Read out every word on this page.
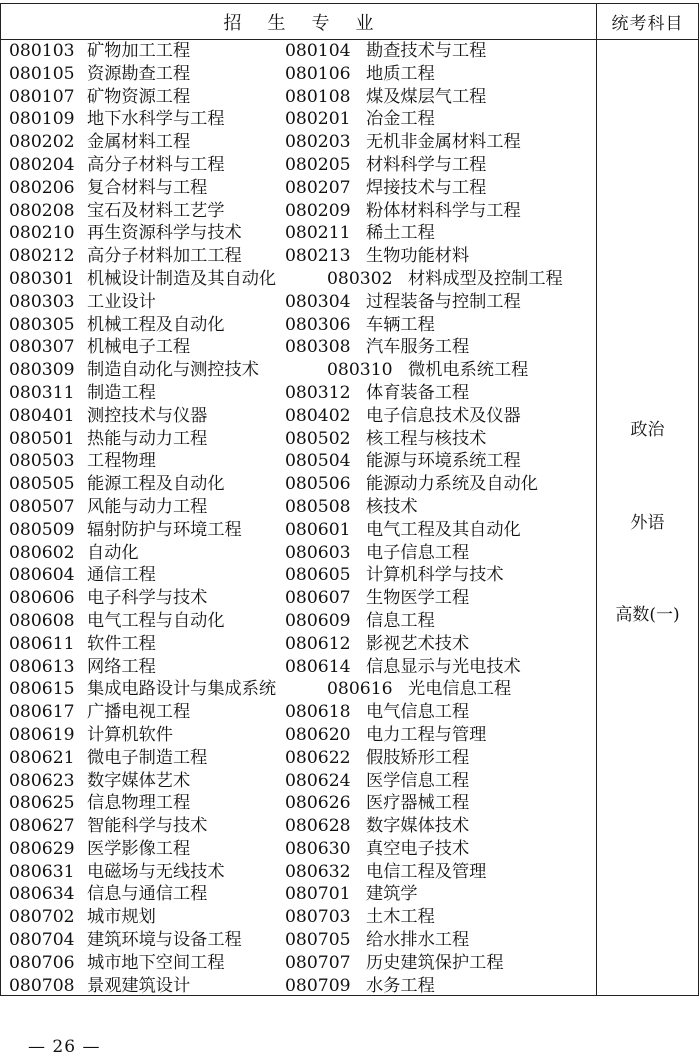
招生专业	统考科目
080103 矿物加工工程	080104 勘查技术与工程
080105 资源勘查工程	080106 地质工程
080107 矿物资源工程	080108 煤及煤层气工程
080109 地下水科学与工程	080201 冶金工程
080202 金属材料工程	080203 无机非金属材料工程
080204 高分子材料与工程	080205 材料科学与工程
080206 复合材料与工程	080207 焊接技术与工程
080208 宝石及材料工艺学	080209 粉体材料科学与工程
080210 再生资源科学与技术	080211 稀土工程
080212 高分子材料加工工程	080213 生物功能材料
080301 机械设计制造及其自动化	080302 材料成型及控制工程
080303 工业设计	080304 过程装备与控制工程
080305 机械工程及自动化	080306 车辆工程
080307 机械电子工程	080308 汽车服务工程
080309 制造自动化与测控技术	080310 微机电系统工程
080311 制造工程	080312 体育装备工程
080401 测控技术与仪器	080402 电子信息技术及仪器
080501 热能与动力工程	080502 核工程与核技术
080503 工程物理	080504 能源与环境系统工程
080505 能源工程及自动化	080506 能源动力系统及自动化
080507 风能与动力工程	080508 核技术
080509 辐射防护与环境工程	080601 电气工程及其自动化
080602 自动化	080603 电子信息工程
080604 通信工程	080605 计算机科学与技术
080606 电子科学与技术	080607 生物医学工程
080608 电气工程与自动化	080609 信息工程
080611 软件工程	080612 影视艺术技术
080613 网络工程	080614 信息显示与光电技术
080615 集成电路设计与集成系统	080616 光电信息工程
080617 广播电视工程	080618 电气信息工程
080619 计算机软件	080620 电力工程与管理
080621 微电子制造工程	080622 假肢矫形工程
080623 数字媒体艺术	080624 医学信息工程
080625 信息物理工程	080626 医疗器械工程
080627 智能科学与技术	080628 数字媒体技术
080629 医学影像工程	080630 真空电子技术
080631 电磁场与无线技术	080632 电信工程及管理
080634 信息与通信工程	080701 建筑学
080702 城市规划	080703 土木工程
080704 建筑环境与设备工程	080705 给水排水工程
080706 城市地下空间工程	080707 历史建筑保护工程
080708 景观建筑设计	080709 水务工程
政治
外语
高数(一)
— 26 —
